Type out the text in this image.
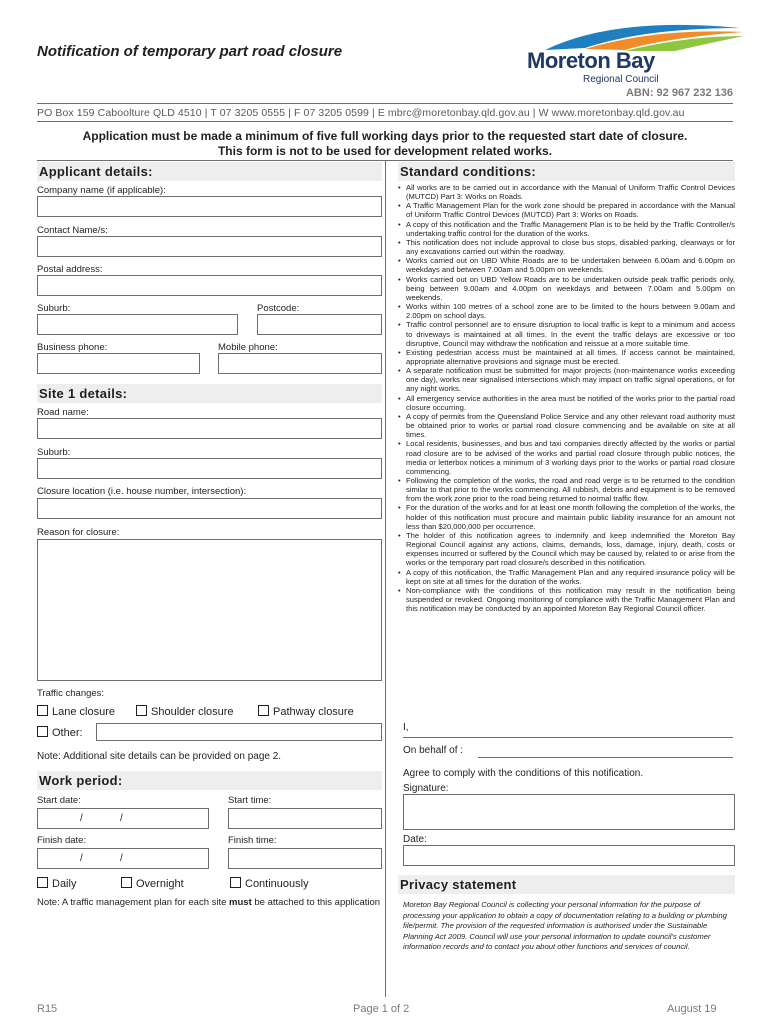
Notification of temporary part road closure	Moreton Bay
Regional Council
ABN: 92 967 232 136
PO Box 159 Caboolture QLD 4510 | T 07 3205 0555 | F 07 3205 0599 | E mbrc@moretonbay.qld.gov.au | W www.moretonbay.qld.gov.au
Application must be made a minimum of five full working days prior to the requested start date of closure.
This form is not to be used for development related works.
Applicant details:
Company name (if applicable):
Contact Name/s:
Postal address:
Suburb:	Postcode:
Business phone:	Mobile phone:
Site 1 details:
Road name:
Suburb:
Closure location (i.e. house number, intersection):
Reason for closure:
Traffic changes:
Lane closure	Shoulder closure	Pathway closure
Other:
Note: Additional site details can be provided on page 2.
Work period:
Start date:	Start time:
/	/
Finish date:	Finish time:
/	/
Daily	Overnight	Continuously
Note: A traffic management plan for each site must be attached to this application
Standard conditions:
• All works are to be carried out in accordance with the Manual of Uniform Traffic Control Devices (MUTCD) Part 3: Works on Roads.
• A Traffic Management Plan for the work zone should be prepared in accordance with the Manual of Uniform Traffic Control Devices (MUTCD) Part 3: Works on Roads.
• A copy of this notification and the Traffic Management Plan is to be held by the Traffic Controller/s undertaking traffic control for the duration of the works.
• This notification does not include approval to close bus stops, disabled parking, clearways or for any excavations carried out within the roadway.
• Works carried out on UBD White Roads are to be undertaken between 6.00am and 6.00pm on weekdays and between 7.00am and 5.00pm on weekends.
• Works carried out on UBD Yellow Roads are to be undertaken outside peak traffic periods only, being between 9.00am and 4.00pm on weekdays and between 7.00am and 5.00pm on weekends.
• Works within 100 metres of a school zone are to be limited to the hours between 9.00am and 2.00pm on school days.
• Traffic control personnel are to ensure disruption to local traffic is kept to a minimum and access to driveways is maintained at all times. In the event the traffic delays are excessive or too disruptive, Council may withdraw the notification and reissue at a more suitable time.
• Existing pedestrian access must be maintained at all times. If access cannot be maintained, appropriate alternative provisions and signage must be erected.
• A separate notification must be submitted for major projects (non-maintenance works exceeding one day), works near signalised intersections which may impact on traffic signal operations, or for any night works.
• All emergency service authorities in the area must be notified of the works prior to the partial road closure occurring.
• A copy of permits from the Queensland Police Service and any other relevant road authority must be obtained prior to works or partial road closure commencing and be available on site at all times.
• Local residents, businesses, and bus and taxi companies directly affected by the works or partial road closure are to be advised of the works and partial road closure through public notices, the media or letterbox notices a minimum of 3 working days prior to the works or partial road closure commencing.
• Following the completion of the works, the road and road verge is to be returned to the condition similar to that prior to the works commencing. All rubbish, debris and equipment is to be removed from the work zone prior to the road being returned to normal traffic flow.
• For the duration of the works and for at least one month following the completion of the works, the holder of this notification must procure and maintain public liability insurance for an amount not less than $20,000,000 per occurrence.
• The holder of this notification agrees to indemnify and keep indemnified the Moreton Bay Regional Council against any actions, claims, demands, loss, damage, injury, death, costs or expenses incurred or suffered by the Council which may be caused by, related to or arise from the works or the temporary part road closure/s described in this notification.
• A copy of this notification, the Traffic Management Plan and any required insurance policy will be kept on site at all times for the duration of the works.
• Non-compliance with the conditions of this notification may result in the notification being suspended or revoked. Ongoing monitoring of compliance with the Traffic Management Plan and this notification may be conducted by an appointed Moreton Bay Regional Council officer.
I,
On behalf of :
Agree to comply with the conditions of this notification.
Signature:
Date:
Privacy statement
Moreton Bay Regional Council is collecting your personal information for the purpose of processing your application to obtain a copy of documentation relating to a building or plumbing file/permit. The provision of the requested information is authorised under the Sustainable Planning Act 2009. Council will use your personal information to update council's customer information records and to contact you about other functions and services of council.
R15	Page 1 of 2	August 19
